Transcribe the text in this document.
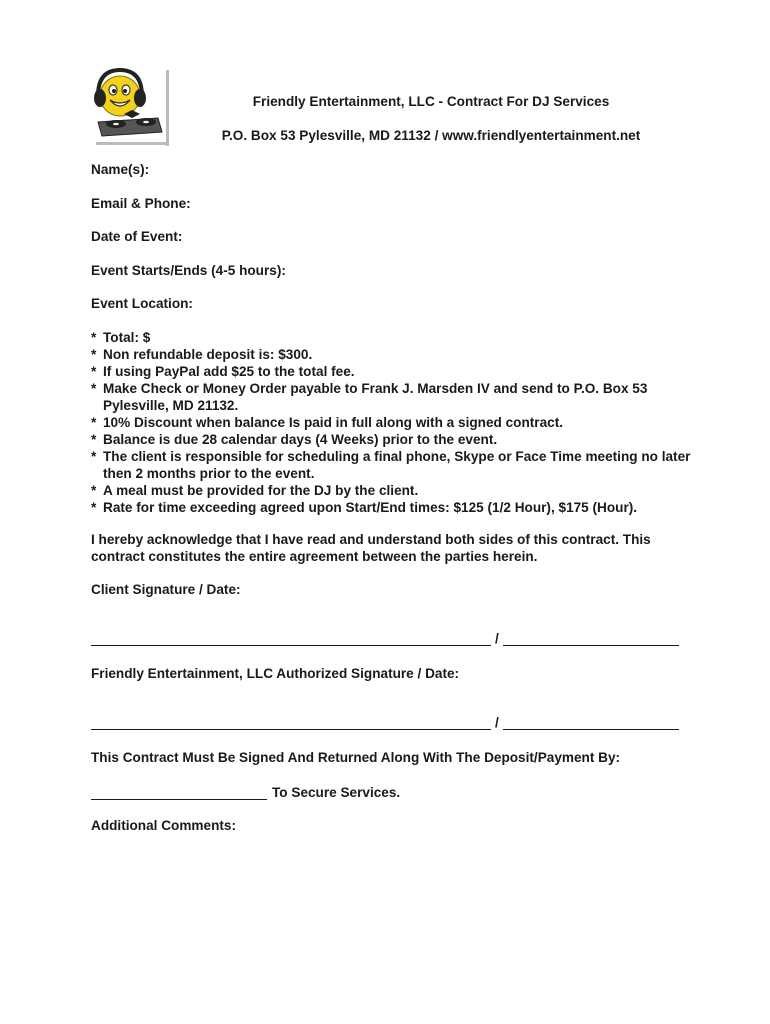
Friendly Entertainment, LLC - Contract For DJ Services
P.O. Box 53 Pylesville, MD 21132 / www.friendlyentertainment.net
Name(s):
Email & Phone:
Date of Event:
Event Starts/Ends (4-5 hours):
Event Location:
* Total: $
* Non refundable deposit is: $300.
* If using PayPal add $25 to the total fee.
* Make Check or Money Order payable to Frank J. Marsden IV and send to P.O. Box 53 Pylesville, MD 21132.
* 10% Discount when balance Is paid in full along with a signed contract.
* Balance is due 28 calendar days (4 Weeks) prior to the event.
* The client is responsible for scheduling a final phone, Skype or Face Time meeting no later then 2 months prior to the event.
* A meal must be provided for the DJ by the client.
* Rate for time exceeding agreed upon Start/End times: $125 (1/2 Hour), $175 (Hour).
I hereby acknowledge that I have read and understand both sides of this contract. This contract constitutes the entire agreement between the parties herein.
Client Signature / Date:
/
Friendly Entertainment, LLC Authorized Signature / Date:
/
This Contract Must Be Signed And Returned Along With The Deposit/Payment By:
To Secure Services.
Additional Comments:
